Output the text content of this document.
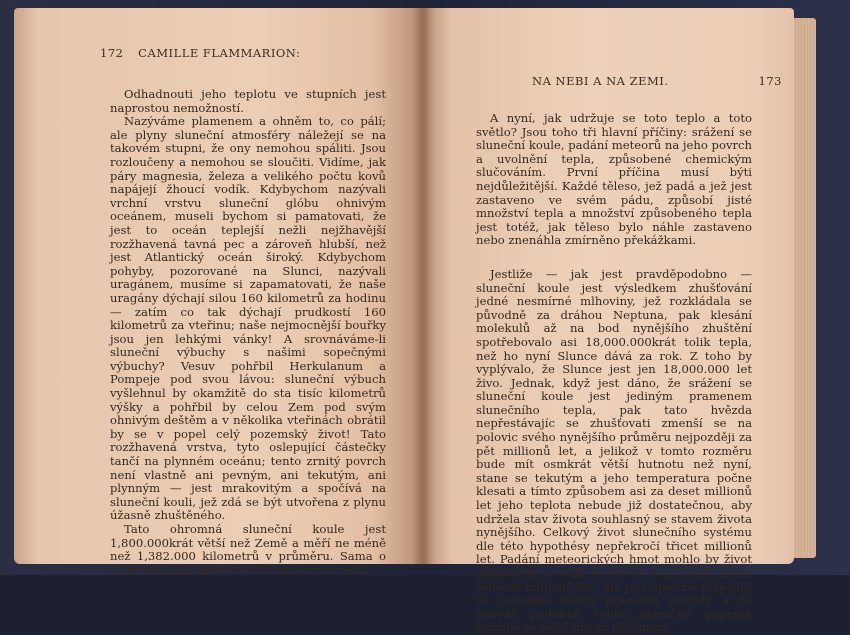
172 CAMILLE FLAMMARION:

Odhadnouti jeho teplotu ve stupních jest naprostou nemožností.

Nazýváme plamenem a ohněm to, co pálí; ale plyny sluneční atmosféry náležejí se na takovém stupni, že ony nemohou spáliti. Jsou rozloučeny a nemohou se sloučiti. Vidíme, jak páry magnesia, železa a velikého počtu kovů napájejí žhoucí vodík. Kdybychom nazývali vrchní vrstvu sluneční glóbu ohnivým oceánem, museli bychom si pamatovati, že jest to oceán teplejší nežli nejžhavější rozžhavená tavná pec a zároveň hlubší, než jest Atlantický oceán široký. Kdybychom pohyby, pozorované na Slunci, nazývali uragánem, musíme si zapamatovati, že naše uragány dýchají silou 160 kilometrů za hodinu — zatím co tak dýchají prudkostí 160 kilometrů za vteřinu; naše nejmocnější bouřky jsou jen lehkými vánky! A srovnáváme-li sluneční výbuchy s našimi sopečnými výbuchy? Vesuv pohřbil Herkulanum a Pompeje pod svou lávou: sluneční výbuch vyšlehnul by okamžitě do sta tisíc kilometrů výšky a pohřbil by celou Zem pod svým ohnivým deštěm a v několika vteřinách obrátil by se v popel celý pozemský život! Tato rozžhavená vrstva, tyto oslepující částečky tančí na plynném oceánu; tento zrnitý povrch není vlastně ani pevným, ani tekutým, ani plynným — jest mrakovitým a spočívá na sluneční kouli, jež zdá se být utvořena z plynu úžasně zhuštěného.

Tato ohromná sluneční koule jest 1,800.000krát větší než Země a měří ne méně než 1,382.000 kilometrů v průměru. Sama o sobě váží tolik jako 324.000 spojených zemí.

NA NEBI A NA ZEMI.	173

A nyní, jak udržuje se toto teplo a toto světlo? Jsou toho tři hlavní příčiny: srážení se sluneční koule, padání meteorů na jeho povrch a uvolnění tepla, způsobené chemickým slučováním. První příčina musí býti nejdůležitější. Každé těleso, jež padá a jež jest zastaveno ve svém pádu, způsobí jisté množství tepla a množství způsobeného tepla jest totéž, jak těleso bylo náhle zastaveno nebo znenáhla zmírněno překážkami.

Jestliže — jak jest pravděpodobno — sluneční koule jest výsledkem zhušťování jedné nesmírné mlhoviny, jež rozkládala se původně za dráhou Neptuna, pak klesání molekulů až na bod nynějšího zhuštění spotřebovalo asi 18,000.000krát tolik tepla, než ho nyní Slunce dává za rok. Z toho by vyplývalo, že Slunce jest jen 18,000.000 let živo. Jednak, když jest dáno, že srážení se sluneční koule jest jediným pramenem slunečního tepla, pak tato hvězda nepřestávajíc se zhušťovati zmenší se na polovic svého nynějšího průměru nejpozději za pět millionů let, a jelikož v tomto rozměru bude mít osmkrát větší hutnotu než nyní, stane se tekutým a jeho temperatura počne klesati a tímto způsobem asi za deset millionů let jeho teplota nebude již dostatečnou, aby udržela stav života souhlasný se stavem života nynějšího. Celkový život slunečního systému dle této hypothésy nepřekročí třicet millionů let. Padání meteorických hmot mohlo by život prodloužiti o tolik, že by se to přivedlo až na šedesát millionů let. Ale jest opatrné připojiti, že neznáme všech pramenů přírody a že pravdě podobně tento zázračný paprsek udržuje se ještě jinými příčinami.
